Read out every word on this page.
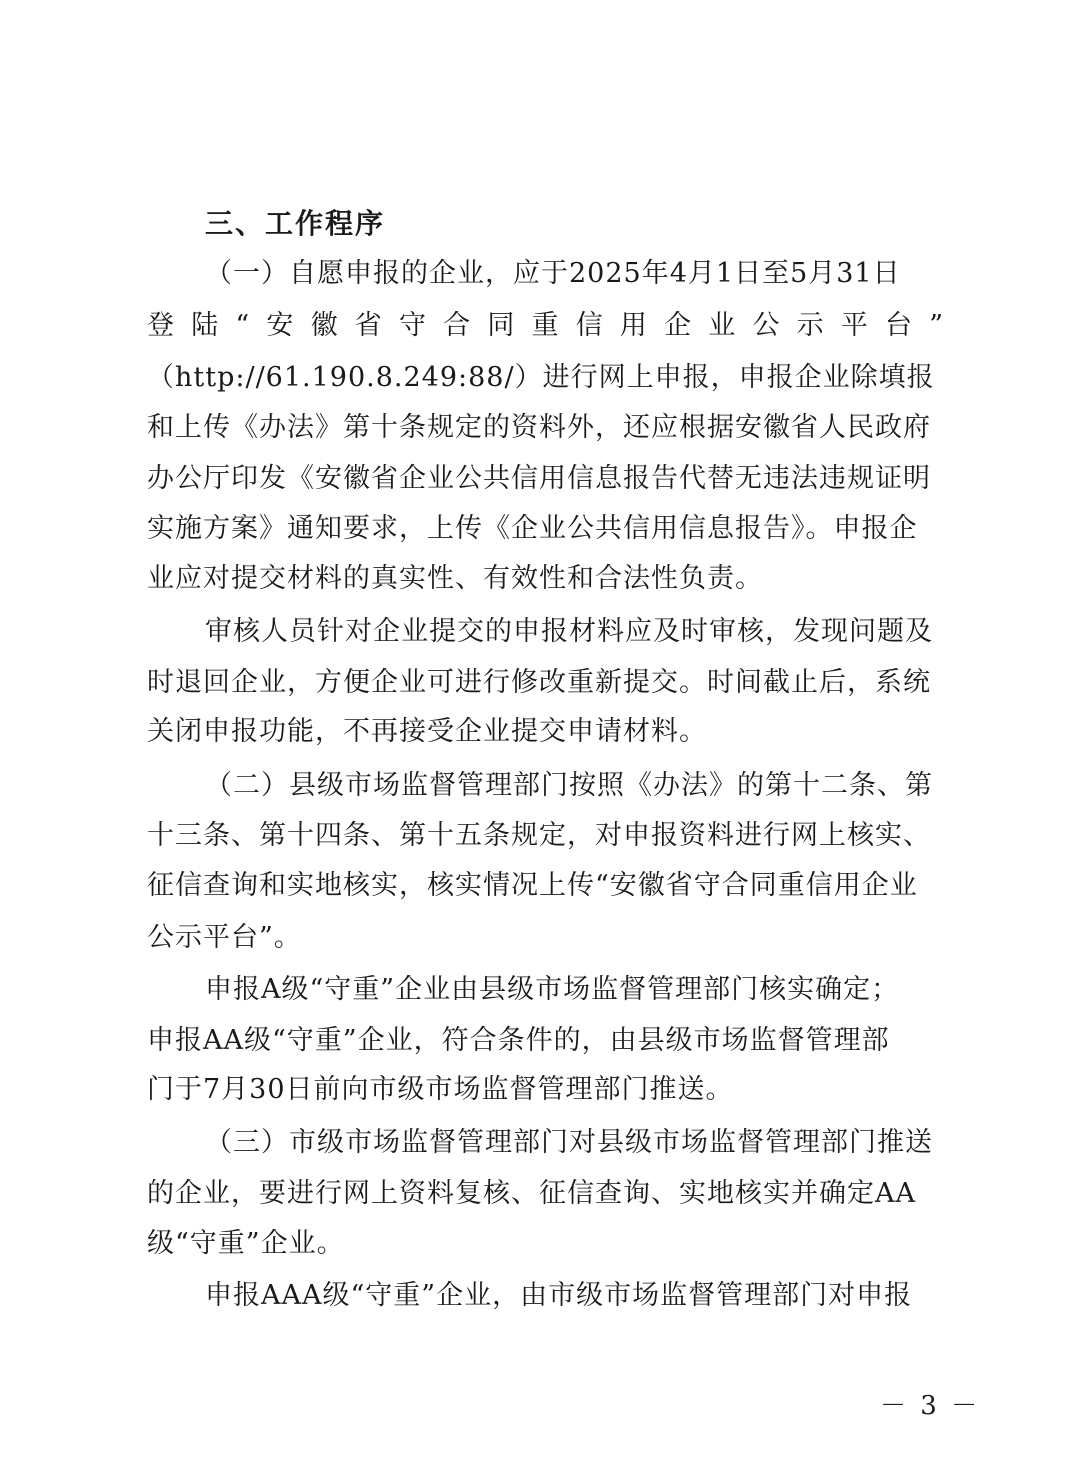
三、工作程序
（一）自愿申报的企业，应于2025年4月1日至5月31日
登 陆 “ 安 徽 省 守 合 同 重 信 用 企 业 公 示 平 台 ”
（http://61.190.8.249:88/）进行网上申报，申报企业除填报
和上传《办法》第十条规定的资料外，还应根据安徽省人民政府
办公厅印发《安徽省企业公共信用信息报告代替无违法违规证明
实施方案》通知要求，上传《企业公共信用信息报告》。申报企
业应对提交材料的真实性、有效性和合法性负责。
审核人员针对企业提交的申报材料应及时审核，发现问题及
时退回企业，方便企业可进行修改重新提交。时间截止后，系统
关闭申报功能，不再接受企业提交申请材料。
（二）县级市场监督管理部门按照《办法》的第十二条、第
十三条、第十四条、第十五条规定，对申报资料进行网上核实、
征信查询和实地核实，核实情况上传“安徽省守合同重信用企业
公示平台”。
申报A级“守重”企业由县级市场监督管理部门核实确定；
申报AA级“守重”企业，符合条件的，由县级市场监督管理部
门于7月30日前向市级市场监督管理部门推送。
（三）市级市场监督管理部门对县级市场监督管理部门推送
的企业，要进行网上资料复核、征信查询、实地核实并确定AA
级“守重”企业。
申报AAA级“守重”企业，由市级市场监督管理部门对申报
－ 3 －
